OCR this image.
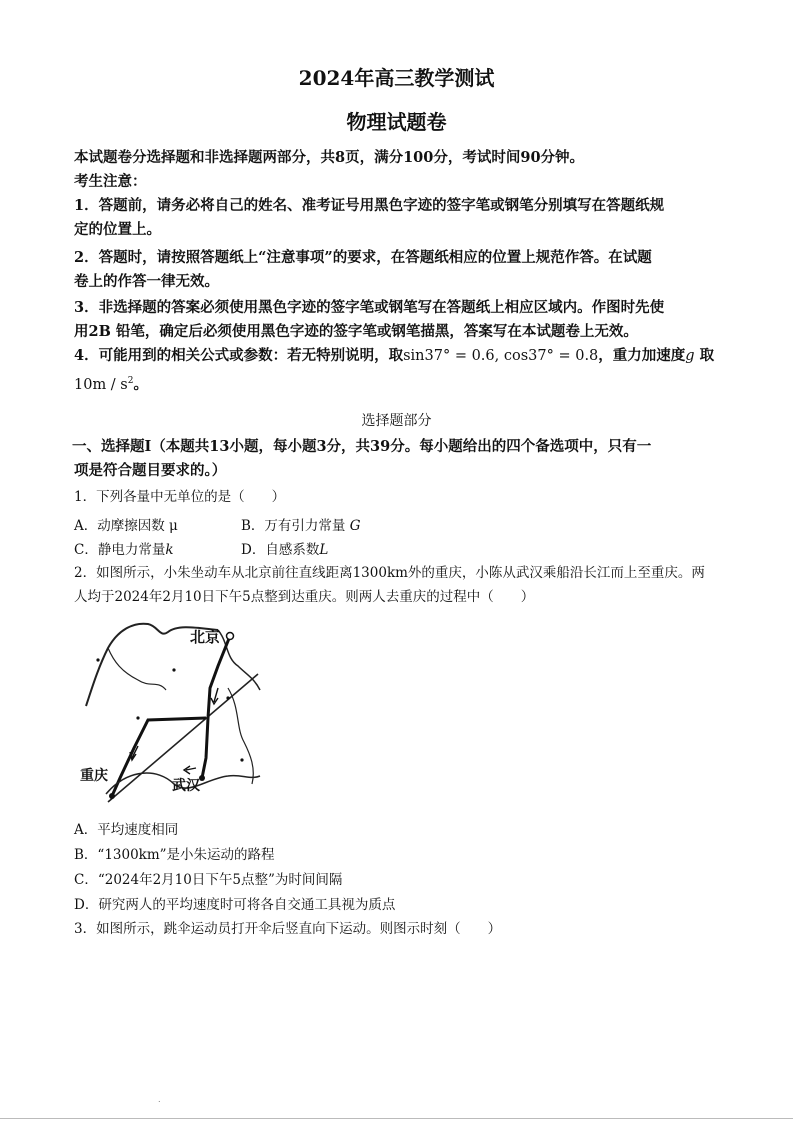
2024年高三教学测试
物理试题卷
本试题卷分选择题和非选择题两部分，共8页，满分100分，考试时间90分钟。
考生注意：
1．答题前，请务必将自己的姓名、准考证号用黑色字迹的签字笔或钢笔分别填写在答题纸规
定的位置上。
2．答题时，请按照答题纸上“注意事项”的要求，在答题纸相应的位置上规范作答。在试题
卷上的作答一律无效。
3．非选择题的答案必须使用黑色字迹的签字笔或钢笔写在答题纸上相应区域内。作图时先使
用2B 铅笔，确定后必须使用黑色字迹的签字笔或钢笔描黑，答案写在本试题卷上无效。
4．可能用到的相关公式或参数：若无特别说明，取sin37° = 0.6, cos37° = 0.8，重力加速度g 取
$10m / s^2$。
选择题部分
一、选择题Ⅰ（本题共13小题，每小题3分，共39分。每小题给出的四个备选项中，只有一
项是符合题目要求的。）
1．下列各量中无单位的是（　　）
A．动摩擦因数 μ	B．万有引力常量 G
C．静电力常量k	D．自感系数L
2．如图所示，小朱坐动车从北京前往直线距离1300km外的重庆，小陈从武汉乘船沿长江而上至重庆。两
人均于2024年2月10日下午5点整到达重庆。则两人去重庆的过程中（　　）
北京
重庆
武汉
A．平均速度相同
B．“1300km”是小朱运动的路程
C．“2024年2月10日下午5点整”为时间间隔
D．研究两人的平均速度时可将各自交通工具视为质点
3．如图所示，跳伞运动员打开伞后竖直向下运动。则图示时刻（　　）
.
